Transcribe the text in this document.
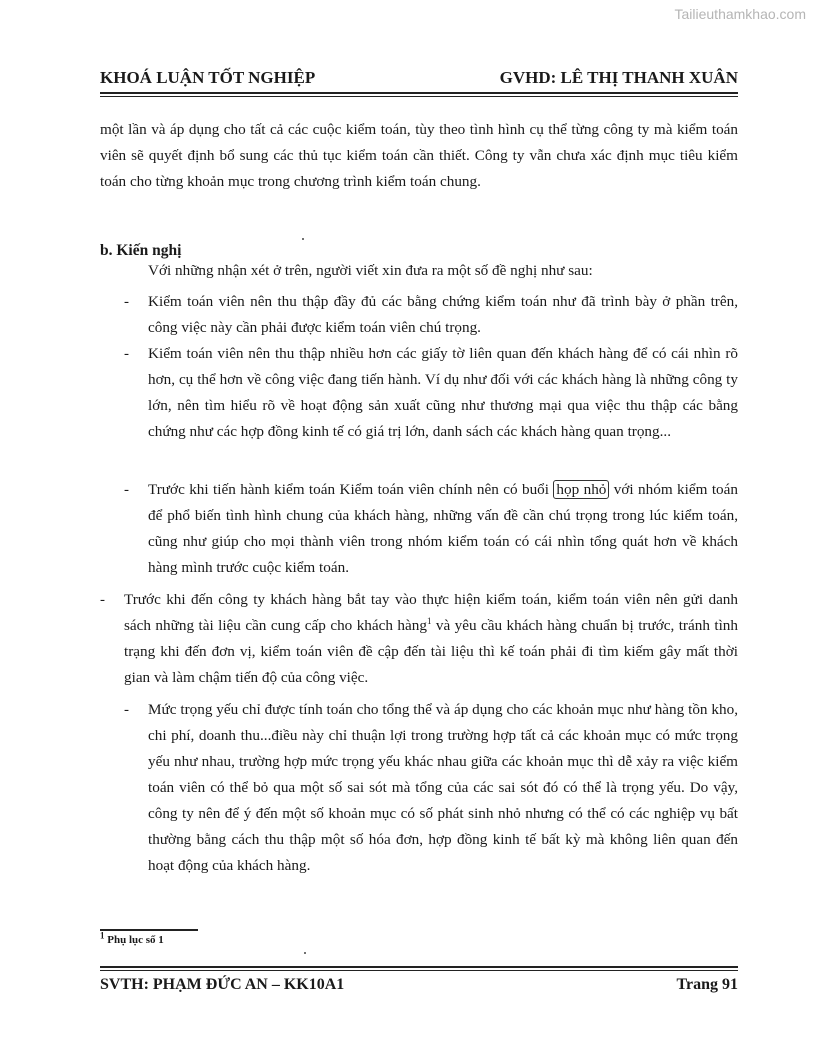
Tailieuthamkhao.com
KHOÁ LUẬN TỐT NGHIỆP	GVHD: LÊ THỊ THANH XUÂN

một lần và áp dụng cho tất cả các cuộc kiểm toán, tùy theo tình hình cụ thể từng công ty mà kiểm toán viên sẽ quyết định bổ sung các thủ tục kiểm toán cần thiết. Công ty vẫn chưa xác định mục tiêu kiểm toán cho từng khoản mục trong chương trình kiểm toán chung.

b. Kiến nghị

Với những nhận xét ở trên, người viết xin đưa ra một số đề nghị như sau:

- Kiểm toán viên nên thu thập đầy đủ các bằng chứng kiểm toán như đã trình bày ở phần trên, công việc này cần phải được kiểm toán viên chú trọng.

- Kiểm toán viên nên thu thập nhiều hơn các giấy tờ liên quan đến khách hàng để có cái nhìn rõ hơn, cụ thể hơn về công việc đang tiến hành. Ví dụ như đối với các khách hàng là những công ty lớn, nên tìm hiểu rõ về hoạt động sản xuất cũng như thương mại qua việc thu thập các bằng chứng như các hợp đồng kinh tế có giá trị lớn, danh sách các khách hàng quan trọng...

- Trước khi tiến hành kiểm toán Kiểm toán viên chính nên có buổi họp nhỏ với nhóm kiểm toán để phổ biến tình hình chung của khách hàng, những vấn đề cần chú trọng trong lúc kiểm toán, cũng như giúp cho mọi thành viên trong nhóm kiểm toán có cái nhìn tổng quát hơn về khách hàng mình trước cuộc kiểm toán.

- Trước khi đến công ty khách hàng bắt tay vào thực hiện kiểm toán, kiểm toán viên nên gửi danh sách những tài liệu cần cung cấp cho khách hàng$^1$ và yêu cầu khách hàng chuẩn bị trước, tránh tình trạng khi đến đơn vị, kiểm toán viên đề cập đến tài liệu thì kế toán phải đi tìm kiếm gây mất thời gian và làm chậm tiến độ của công việc.

- Mức trọng yếu chỉ được tính toán cho tổng thể và áp dụng cho các khoản mục như hàng tồn kho, chi phí, doanh thu...điều này chỉ thuận lợi trong trường hợp tất cả các khoản mục có mức trọng yếu như nhau, trường hợp mức trọng yếu khác nhau giữa các khoản mục thì dễ xảy ra việc kiểm toán viên có thể bỏ qua một số sai sót mà tổng của các sai sót đó có thể là trọng yếu. Do vậy, công ty nên để ý đến một số khoản mục có số phát sinh nhỏ nhưng có thể có các nghiệp vụ bất thường bằng cách thu thập một số hóa đơn, hợp đồng kinh tế bất kỳ mà không liên quan đến hoạt động của khách hàng.

$^1$ Phụ lục số 1
SVTH: PHẠM ĐỨC AN – KK10A1	Trang 91
